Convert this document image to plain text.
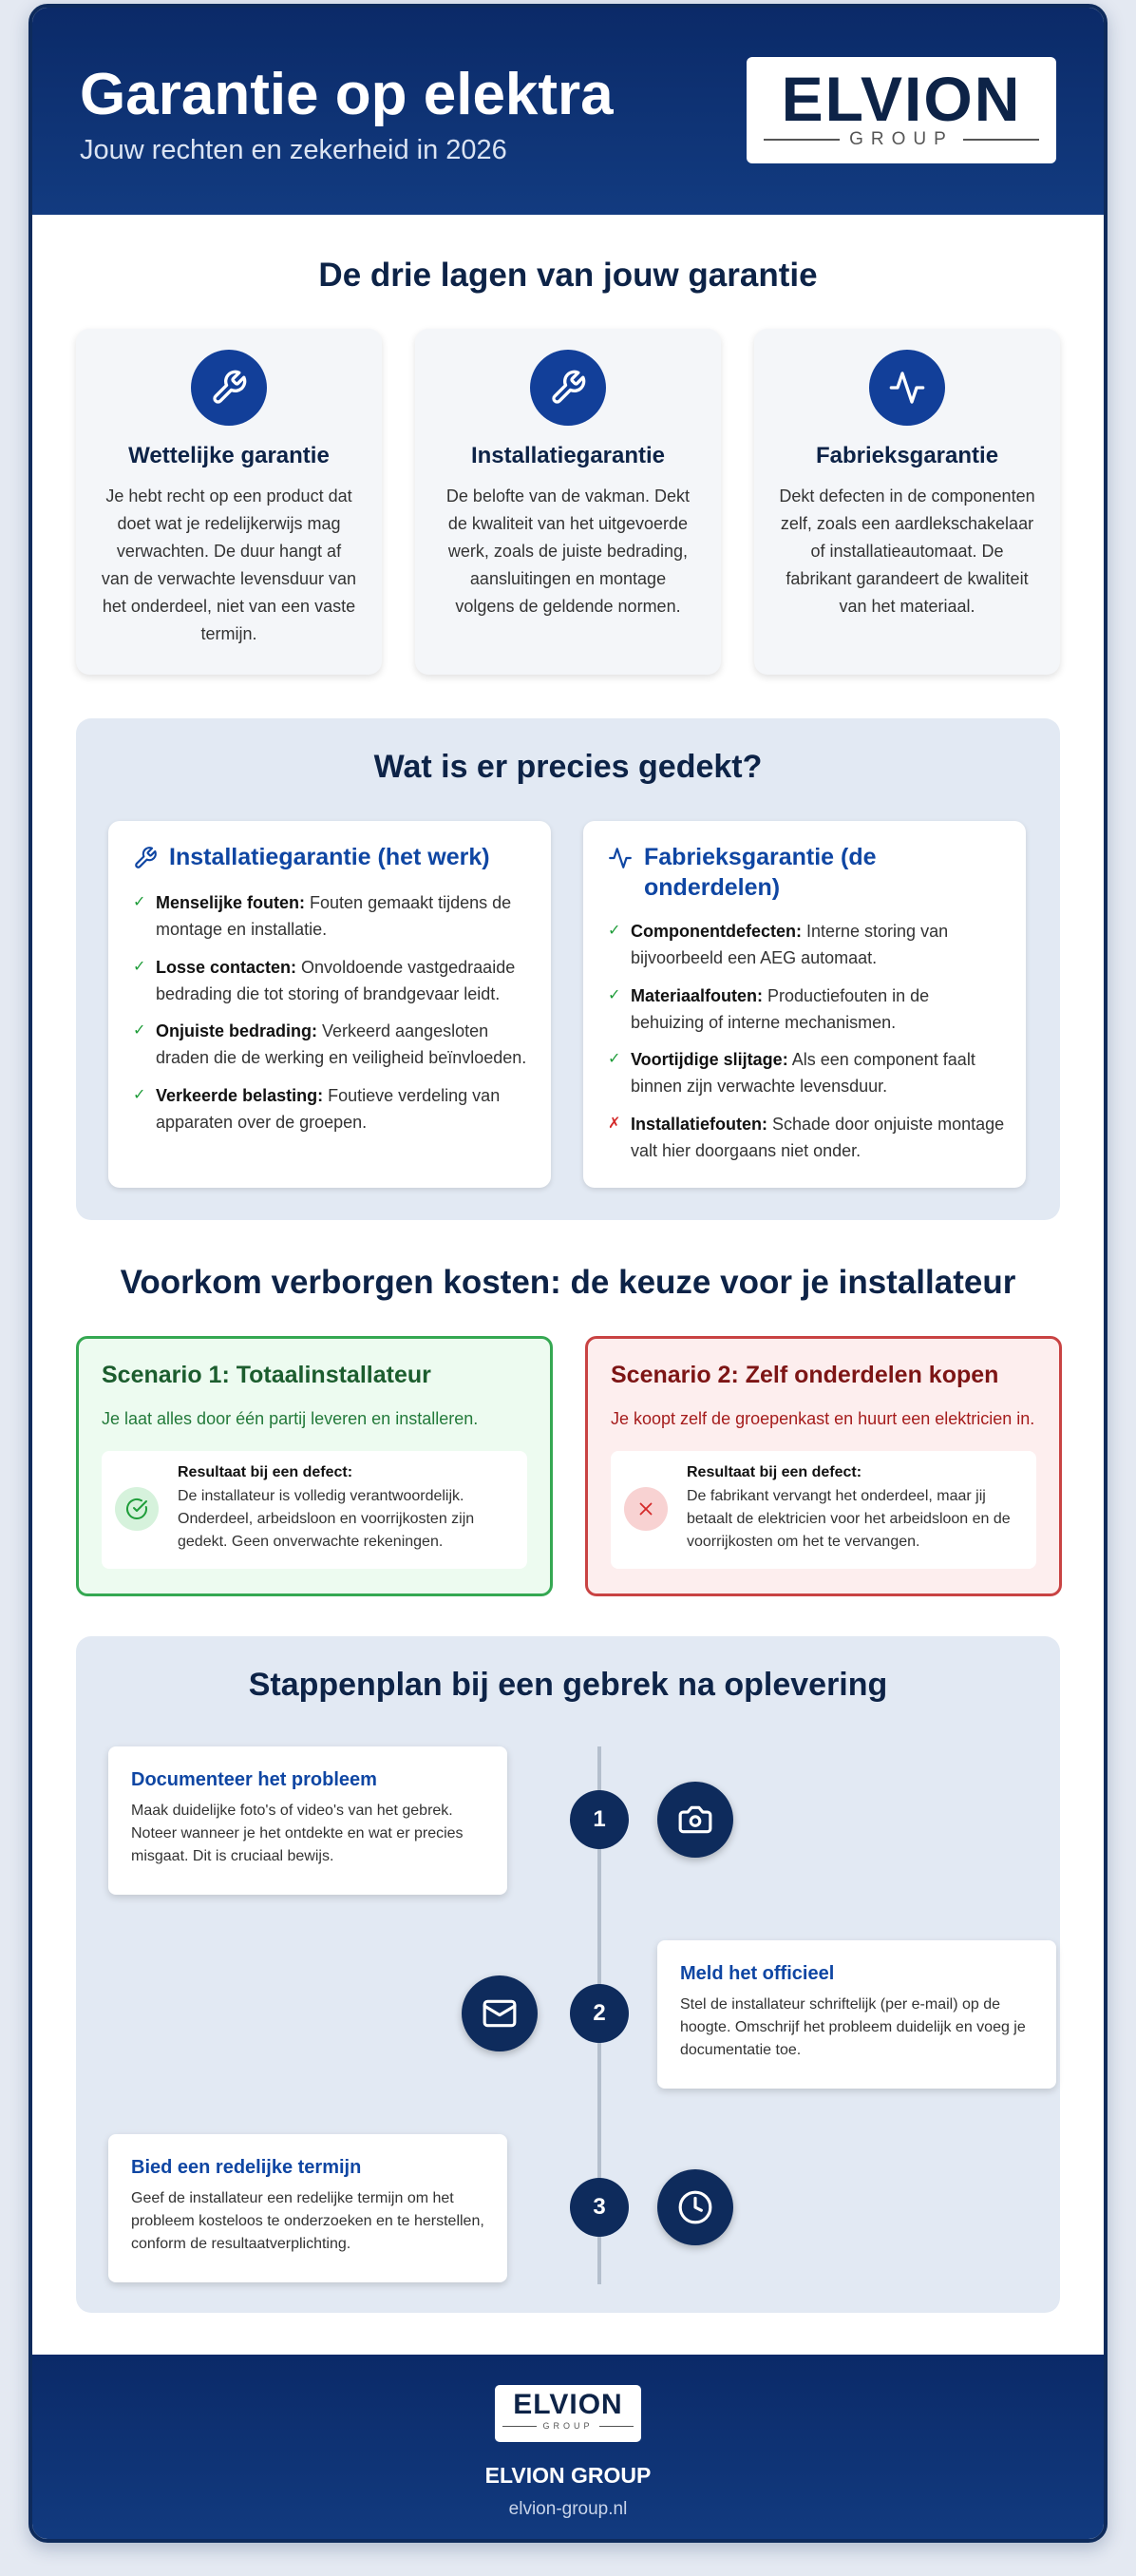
Garantie op elektra
Jouw rechten en zekerheid in 2026
ELVION
GROUP
De drie lagen van jouw garantie
Wettelijke garantie
Je hebt recht op een product dat doet wat je redelijkerwijs mag verwachten. De duur hangt af van de verwachte levensduur van het onderdeel, niet van een vaste termijn.
Installatiegarantie
De belofte van de vakman. Dekt de kwaliteit van het uitgevoerde werk, zoals de juiste bedrading, aansluitingen en montage volgens de geldende normen.
Fabrieksgarantie
Dekt defecten in de componenten zelf, zoals een aardlekschakelaar of installatieautomaat. De fabrikant garandeert de kwaliteit van het materiaal.
Wat is er precies gedekt?
Installatiegarantie (het werk)
✓ Menselijke fouten: Fouten gemaakt tijdens de montage en installatie.
✓ Losse contacten: Onvoldoende vastgedraaide bedrading die tot storing of brandgevaar leidt.
✓ Onjuiste bedrading: Verkeerd aangesloten draden die de werking en veiligheid beïnvloeden.
✓ Verkeerde belasting: Foutieve verdeling van apparaten over de groepen.
Fabrieksgarantie (de onderdelen)
✓ Componentdefecten: Interne storing van bijvoorbeeld een AEG automaat.
✓ Materiaalfouten: Productiefouten in de behuizing of interne mechanismen.
✓ Voortijdige slijtage: Als een component faalt binnen zijn verwachte levensduur.
✗ Installatiefouten: Schade door onjuiste montage valt hier doorgaans niet onder.
Voorkom verborgen kosten: de keuze voor je installateur
Scenario 1: Totaalinstallateur
Je laat alles door één partij leveren en installeren.
Resultaat bij een defect:
De installateur is volledig verantwoordelijk. Onderdeel, arbeidsloon en voorrijkosten zijn gedekt. Geen onverwachte rekeningen.
Scenario 2: Zelf onderdelen kopen
Je koopt zelf de groepenkast en huurt een elektricien in.
Resultaat bij een defect:
De fabrikant vervangt het onderdeel, maar jij betaalt de elektricien voor het arbeidsloon en de voorrijkosten om het te vervangen.
Stappenplan bij een gebrek na oplevering
Documenteer het probleem
Maak duidelijke foto's of video's van het gebrek. Noteer wanneer je het ontdekte en wat er precies misgaat. Dit is cruciaal bewijs.
1
Meld het officieel
Stel de installateur schriftelijk (per e-mail) op de hoogte. Omschrijf het probleem duidelijk en voeg je documentatie toe.
2
Bied een redelijke termijn
Geef de installateur een redelijke termijn om het probleem kosteloos te onderzoeken en te herstellen, conform de resultaatverplichting.
3
ELVION
GROUP
ELVION GROUP
elvion-group.nl
